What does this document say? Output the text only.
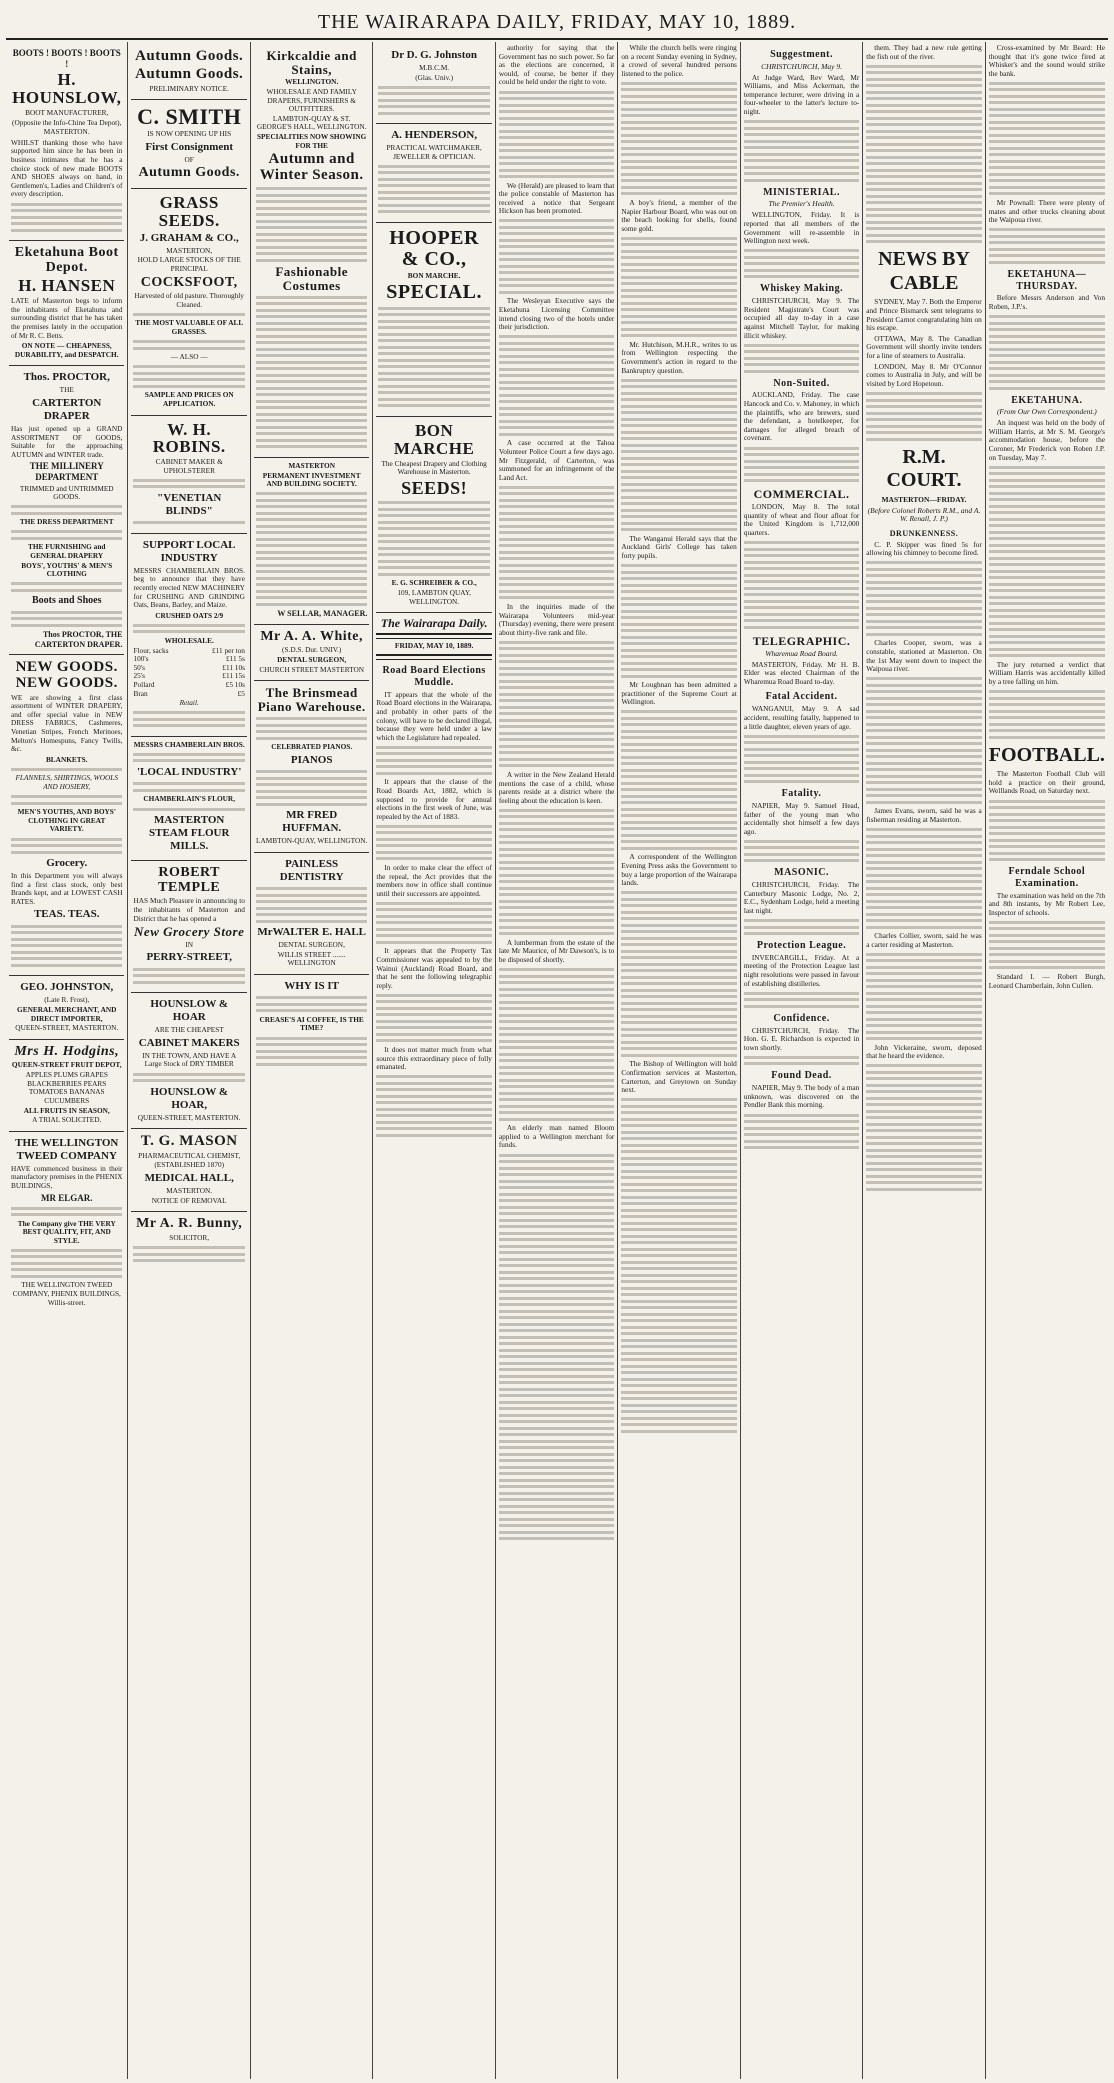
THE WAIRARAPA DAILY, FRIDAY, MAY 10, 1889.
BOOTS ! BOOTS ! BOOTS !
H. HOUNSLOW,
BOOT MANUFACTURER,
(Opposite the Info-Chine Tea Depot),
MASTERTON.
WHILST thanking those who have supported him since he has been in business intimates that he has a choice stock of new made BOOTS AND SHOES always on hand, in Gentlemen's, Ladies and Children's of every description.
Eketahuna Boot Depot.
H. HANSEN
LATE of Masterton begs to inform the inhabitants of Eketahuna and surrounding district that he has taken the premises lately in the occupation of Mr R. C. Betts.
ON NOTE — CHEAPNESS, DURABILITY, and DESPATCH.
Thos. PROCTOR,
THE
CARTERTON DRAPER
Has just opened up a GRAND ASSORTMENT OF GOODS, Suitable for the approaching AUTUMN and WINTER trade.
THE MILLINERY DEPARTMENT
TRIMMED and UNTRIMMED GOODS.
THE DRESS DEPARTMENT
THE FURNISHING and GENERAL DRAPERY
BOYS', YOUTHS' & MEN'S CLOTHING
Boots and Shoes
Thos PROCTOR, THE CARTERTON DRAPER.
NEW GOODS. NEW GOODS.
WE are showing a first class assortment of WINTER DRAPERY, and offer special value in NEW DRESS FABRICS, Cashmeres, Venetian Stripes, French Merinoes, Melton's Homespuns, Fancy Twills, &c.
BLANKETS.
FLANNELS, SHIRTINGS, WOOLS AND HOSIERY,
MEN'S YOUTHS, AND BOYS' CLOTHING IN GREAT VARIETY.
Grocery.
In this Department you will always find a first class stock, only best Brands kept, and at LOWEST CASH RATES.
TEAS. TEAS.
GEO. JOHNSTON,
(Late R. Frost),
GENERAL MERCHANT, AND DIRECT IMPORTER,
QUEEN-STREET, MASTERTON.
Mrs H. Hodgins,
QUEEN-STREET FRUIT DEPOT,
APPLES PLUMS GRAPES BLACKBERRIES PEARS TOMATOES BANANAS CUCUMBERS
ALL FRUITS IN SEASON,
A TRIAL SOLICITED.
THE WELLINGTON TWEED COMPANY
HAVE commenced business in their manufactory premises in the PHENIX BUILDINGS,
MR ELGAR.
The Company give THE VERY BEST QUALITY, FIT, AND STYLE.
THE WELLINGTON TWEED COMPANY, PHENIX BUILDINGS, Willis-street.
Autumn Goods.
Autumn Goods.
PRELIMINARY NOTICE.
C. SMITH
IS NOW OPENING UP HIS
First Consignment
OF
Autumn Goods.
GRASS SEEDS.
J. GRAHAM & CO.,
MASTERTON,
HOLD LARGE STOCKS OF THE PRINCIPAL
COCKSFOOT,
Harvested of old pasture. Thoroughly Cleaned.
THE MOST VALUABLE OF ALL GRASSES.
— ALSO —
SAMPLE AND PRICES ON APPLICATION.
W. H. ROBINS.
CABINET MAKER & UPHOLSTERER
"VENETIAN BLINDS"
SUPPORT LOCAL INDUSTRY
MESSRS CHAMBERLAIN BROS. beg to announce that they have recently erected NEW MACHINERY for CRUSHING AND GRINDING Oats, Beans, Barley, and Maize.
CRUSHED OATS 2/9
WHOLESALE.
Flour, sacks	£11 per ton
100's	£11 5s
50's	£11 10s
25's	£11 15s
Pollard	£5 10s
Bran	£5
Retail.
MESSRS CHAMBERLAIN BROS.
'LOCAL INDUSTRY'
CHAMBERLAIN'S FLOUR,
MASTERTON STEAM FLOUR MILLS.
ROBERT TEMPLE
HAS Much Pleasure in announcing to the inhabitants of Masterton and District that he has opened a
New Grocery Store
IN
PERRY-STREET,
HOUNSLOW & HOAR
ARE THE CHEAPEST
CABINET MAKERS
IN THE TOWN, AND HAVE A Large Stock of DRY TIMBER
HOUNSLOW & HOAR,
QUEEN-STREET, MASTERTON.
T. G. MASON
PHARMACEUTICAL CHEMIST,
(ESTABLISHED 1870)
MEDICAL HALL,
MASTERTON.
NOTICE OF REMOVAL
Mr A. R. Bunny,
SOLICITOR,
Kirkcaldie and Stains,
WELLINGTON.
WHOLESALE AND FAMILY DRAPERS, FURNISHERS & OUTFITTERS.
LAMBTON-QUAY & ST. GEORGE'S HALL, WELLINGTON.
SPECIALITIES NOW SHOWING FOR THE
Autumn and Winter Season.
Fashionable Costumes
MASTERTON
PERMANENT INVESTMENT AND BUILDING SOCIETY.
W SELLAR, MANAGER.
Mr A. A. White,
(S.D.S. Dur. UNIV.)
DENTAL SURGEON,
CHURCH STREET MASTERTON
The Brinsmead Piano Warehouse.
CELEBRATED PIANOS.
PIANOS
MR FRED HUFFMAN.
LAMBTON-QUAY, WELLINGTON.
PAINLESS DENTISTRY
MrWALTER E. HALL
DENTAL SURGEON,
WILLIS STREET ....... WELLINGTON
WHY IS IT
CREASE'S AI COFFEE, IS THE TIME?
Dr D. G. Johnston
M.B.C.M.
(Glas. Univ.)
A. HENDERSON,
PRACTICAL WATCHMAKER, JEWELLER & OPTICIAN.
HOOPER & CO.,
BON MARCHE.
SPECIAL.
BON MARCHE
The Cheapest Drapery and Clothing Warehouse in Masterton.
SEEDS!
E. G. SCHREIBER & CO.,
109, LAMBTON QUAY, WELLINGTON.
The Wairarapa Daily.
FRIDAY, MAY 10, 1889.
Road Board Elections Muddle.
IT appears that the whole of the Road Board elections in the Wairarapa, and probably in other parts of the colony, will have to be declared illegal, because they were held under a law which the Legislature had repealed.
It appears that the clause of the Road Boards Act, 1882, which is supposed to provide for annual elections in the first week of June, was repealed by the Act of 1883.
In order to make clear the effect of the repeal, the Act provides that the members now in office shall continue until their successors are appointed.
It appears that the Property Tax Commissioner was appealed to by the Wainui (Auckland) Road Board, and that he sent the following telegraphic reply.
It does not matter much from what source this extraordinary piece of folly emanated.
authority for saying that the Government has no such power. So far as the elections are concerned, it would, of course, be better if they could be held under the right to vote.
We (Herald) are pleased to learn that the police constable of Masterton has received a notice that Sergeant Hickson has been promoted.
The Wesleyan Executive says the Eketahuna Licensing Committee intend closing two of the hotels under their jurisdiction.
A case occurred at the Tahoa Volunteer Police Court a few days ago. Mr Fitzgerald, of Carterton, was summoned for an infringement of the Land Act.
In the inquiries made of the Wairarapa Volunteers mid-year (Thursday) evening, there were present about thirty-five rank and file.
A writer in the New Zealand Herald mentions the case of a child, whose parents reside at a district where the feeling about the education is keen.
A lumberman from the estate of the late Mr Maurice, of Mr Dawson's, is to be disposed of shortly.
An elderly man named Bloom applied to a Wellington merchant for funds.
While the church bells were ringing on a recent Sunday evening in Sydney, a crowd of several hundred persons listened to the police.
A boy's friend, a member of the Napier Harbour Board, who was out on the beach looking for shells, found some gold.
Mr. Hutchison, M.H.R., writes to us from Wellington respecting the Government's action in regard to the Bankruptcy question.
The Wanganui Herald says that the Auckland Girls' College has taken forty pupils.
Mr Loughnan has been admitted a practitioner of the Supreme Court at Wellington.
A correspondent of the Wellington Evening Press asks the Government to buy a large proportion of the Wairarapa lands.
The Bishop of Wellington will hold Confirmation services at Masterton, Carterton, and Greytown on Sunday next.
Suggestment.
CHRISTCHURCH, May 9.
At Judge Ward, Rev Ward, Mr Williams, and Miss Ackerman, the temperance lecturer, were driving in a four-wheeler to the latter's lecture to-night.
MINISTERIAL.
The Premier's Health.
WELLINGTON, Friday. It is reported that all members of the Government will re-assemble in Wellington next week.
Whiskey Making.
CHRISTCHURCH, May 9. The Resident Magistrate's Court was occupied all day to-day in a case against Mitchell Taylor, for making illicit whiskey.
Non-Suited.
AUCKLAND, Friday. The case Hancock and Co. v. Mahoney, in which the plaintiffs, who are brewers, sued the defendant, a hotelkeeper, for damages for alleged breach of covenant.
COMMERCIAL.
LONDON, May 8. The total quantity of wheat and flour afloat for the United Kingdom is 1,712,000 quarters.
TELEGRAPHIC.
Wharemua Road Board.
MASTERTON, Friday. Mr H. B. Elder was elected Chairman of the Wharemua Road Board to-day.
Fatal Accident.
WANGANUI, May 9. A sad accident, resulting fatally, happened to a little daughter, eleven years of age.
Fatality.
NAPIER, May 9. Samuel Head, father of the young man who accidentally shot himself a few days ago.
MASONIC.
CHRISTCHURCH, Friday. The Canterbury Masonic Lodge, No. 2, E.C., Sydenham Lodge, held a meeting last night.
Protection League.
INVERCARGILL, Friday. At a meeting of the Protection League last night resolutions were passed in favour of establishing distilleries.
Confidence.
CHRISTCHURCH, Friday. The Hon. G. E. Richardson is expected in town shortly.
Found Dead.
NAPIER, May 9. The body of a man unknown, was discovered on the Pendler Bank this morning.
them. They had a new rule getting the fish out of the river.
NEWS BY CABLE
SYDNEY, May 7. Both the Emperor and Prince Bismarck sent telegrams to President Carnot congratulating him on his escape.
OTTAWA, May 8. The Canadian Government will shortly invite tenders for a line of steamers to Australia.
LONDON, May 8. Mr O'Connor comes to Australia in July, and will be visited by Lord Hopetoun.
R.M. COURT.
MASTERTON—FRIDAY.
(Before Colonel Roberts R.M., and A. W. Renall, J. P.)
DRUNKENNESS.
C. P. Skipper was fined 5s for allowing his chimney to become fired.
Charles Cooper, sworn, was a constable, stationed at Masterton. On the 1st May went down to inspect the Waipoua river.
James Evans, sworn, said he was a fisherman residing at Masterton.
Charles Collier, sworn, said he was a carter residing at Masterton.
John Vickeraine, sworn, deposed that he heard the evidence.
Cross-examined by Mr Beard: He thought that it's gone twice fired at Whisker's and the sound would strike the bank.
Mr Pownall: There were plenty of mates and other trucks cleaning about the Waipoua river.
EKETAHUNA—THURSDAY.
Before Messrs Anderson and Von Roben, J.P.'s.
EKETAHUNA.
(From Our Own Correspondent.)
An inquest was held on the body of William Harris, at Mr S. M. George's accommodation house, before the Coroner, Mr Frederick von Roben J.P. on Tuesday, May 7.
The jury returned a verdict that William Harris was accidentally killed by a tree falling on him.
FOOTBALL.
The Masterton Football Club will hold a practice on their ground, Welllands Road, on Saturday next.
Ferndale School Examination.
The examination was held on the 7th and 8th instants, by Mr Robert Lee, Inspector of schools.
Standard I. — Robert Burgh, Leonard Chamberlain, John Cullen.
